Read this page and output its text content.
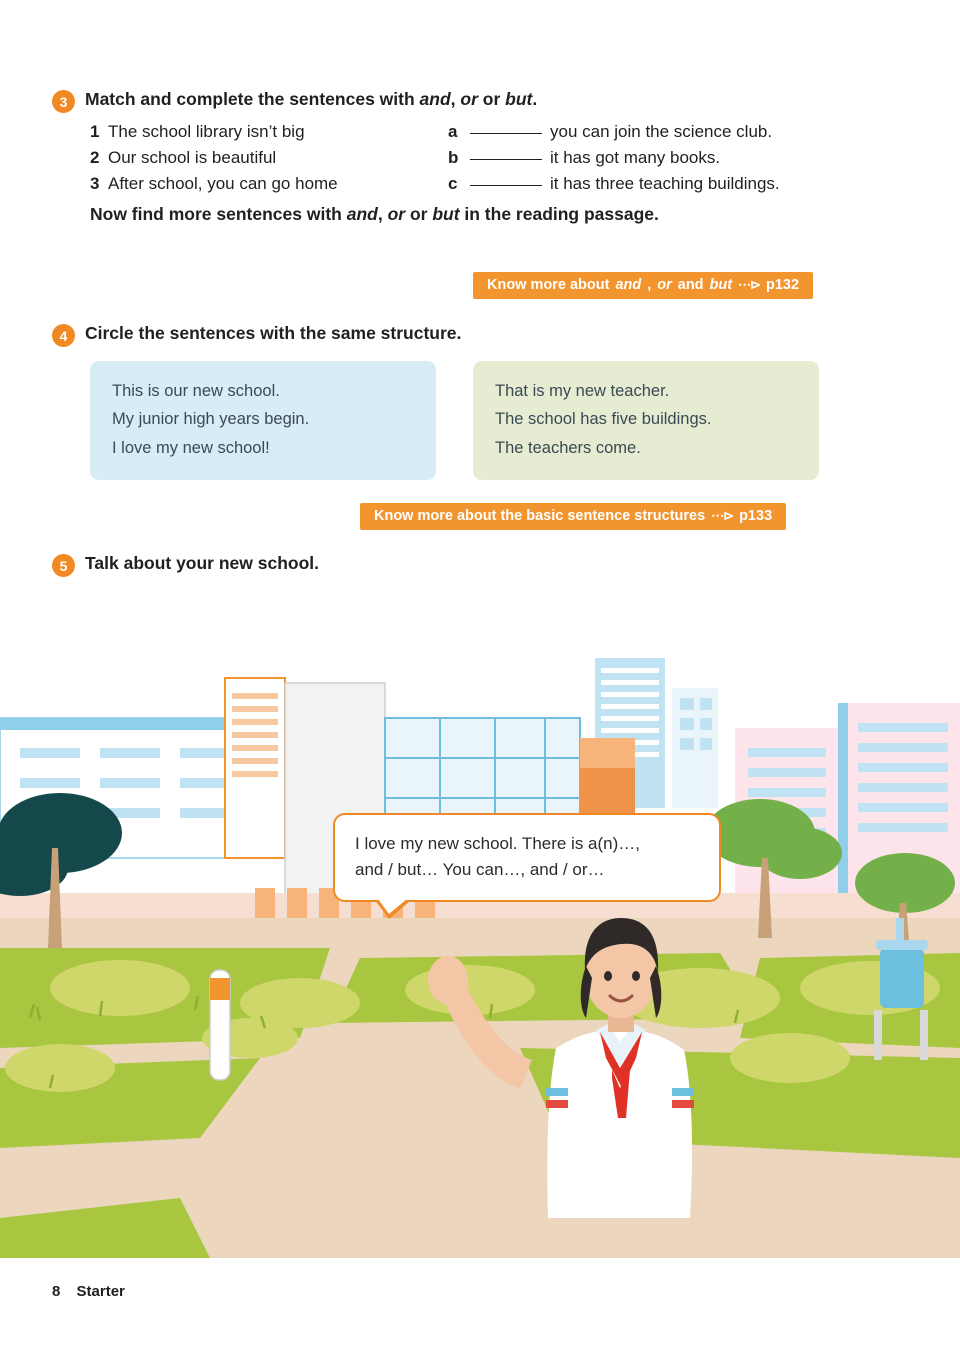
3	Match and complete the sentences with and, or or but.
1 The school library isn’t big	a	you can join the science club.
2 Our school is beautiful	b	it has got many books.
3 After school, you can go home	c	it has three teaching buildings.
Now find more sentences with and, or or but in the reading passage.
Know more about and , or and but ⋯⊳ p132
4	Circle the sentences with the same structure.
This is our new school.
My junior high years begin.
I love my new school!
That is my new teacher.
The school has five buildings.
The teachers come.
Know more about the basic sentence structures ⋯⊳ p133
5	Talk about your new school.
I love my new school. There is a(n)…,
and / but… You can…, and / or…
8 Starter
